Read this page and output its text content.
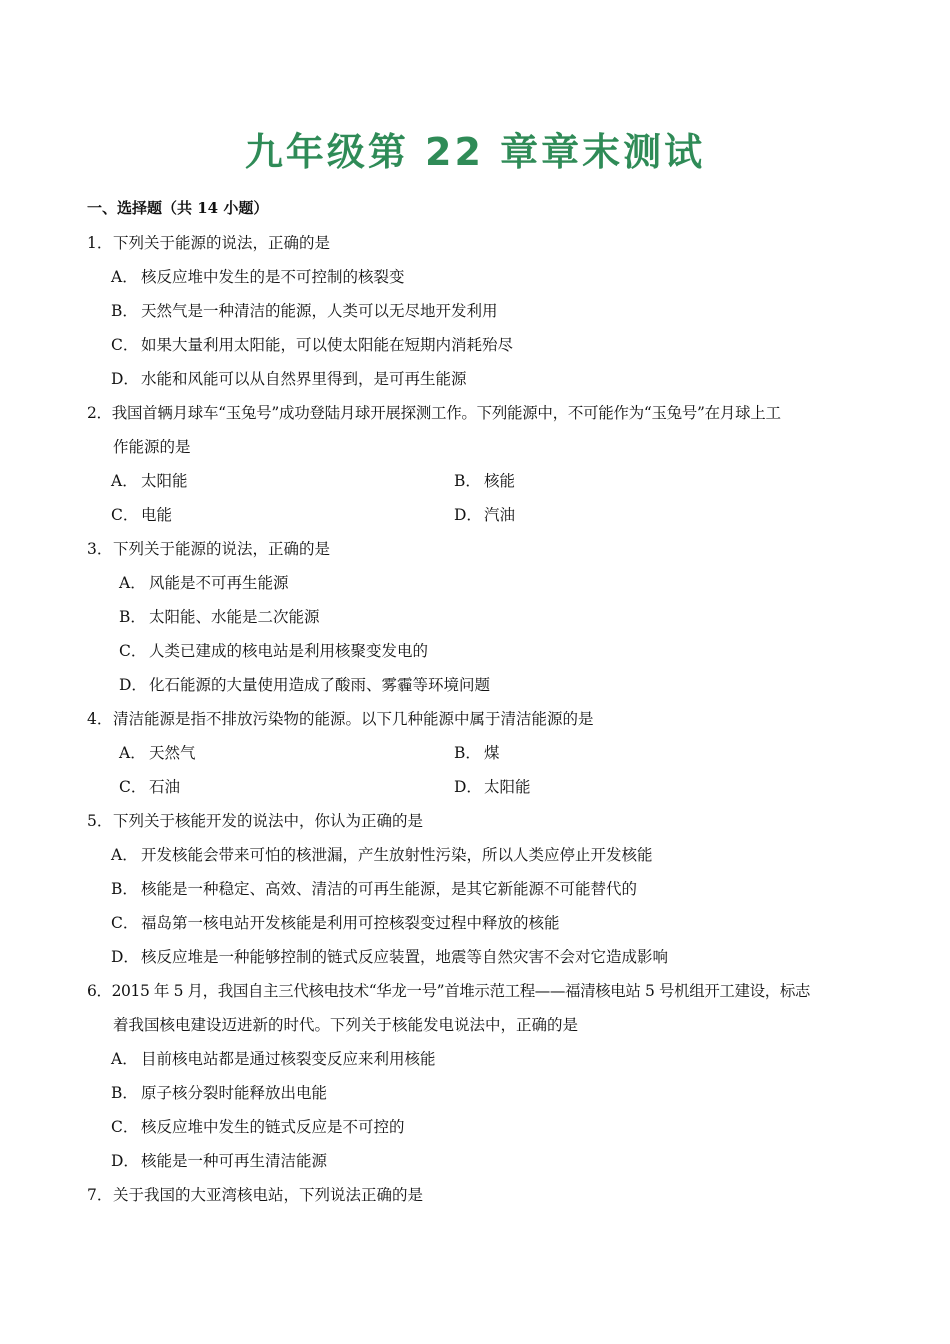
九年级第 22 章章末测试
一、选择题（共 14 小题）
1． 下列关于能源的说法，正确的是
A． 核反应堆中发生的是不可控制的核裂变
B． 天然气是一种清洁的能源，人类可以无尽地开发利用
C． 如果大量利用太阳能，可以使太阳能在短期内消耗殆尽
D． 水能和风能可以从自然界里得到，是可再生能源
2．我国首辆月球车“玉兔号”成功登陆月球开展探测工作。下列能源中，不可能作为“玉兔号”在月球上工
作能源的是
A． 太阳能	B． 核能
C． 电能	D． 汽油
3． 下列关于能源的说法，正确的是
A． 风能是不可再生能源
B． 太阳能、水能是二次能源
C． 人类已建成的核电站是利用核聚变发电的
D． 化石能源的大量使用造成了酸雨、雾霾等环境问题
4． 清洁能源是指不排放污染物的能源。以下几种能源中属于清洁能源的是
A． 天然气	B． 煤
C． 石油	D． 太阳能
5． 下列关于核能开发的说法中，你认为正确的是
A． 开发核能会带来可怕的核泄漏，产生放射性污染，所以人类应停止开发核能
B． 核能是一种稳定、高效、清洁的可再生能源，是其它新能源不可能替代的
C． 福岛第一核电站开发核能是利用可控核裂变过程中释放的核能
D． 核反应堆是一种能够控制的链式反应装置，地震等自然灾害不会对它造成影响
6．2015 年 5 月，我国自主三代核电技术“华龙一号”首堆示范工程——福清核电站 5 号机组开工建设，标志
着我国核电建设迈进新的时代。下列关于核能发电说法中，正确的是
A． 目前核电站都是通过核裂变反应来利用核能
B． 原子核分裂时能释放出电能
C． 核反应堆中发生的链式反应是不可控的
D． 核能是一种可再生清洁能源
7． 关于我国的大亚湾核电站，下列说法正确的是
